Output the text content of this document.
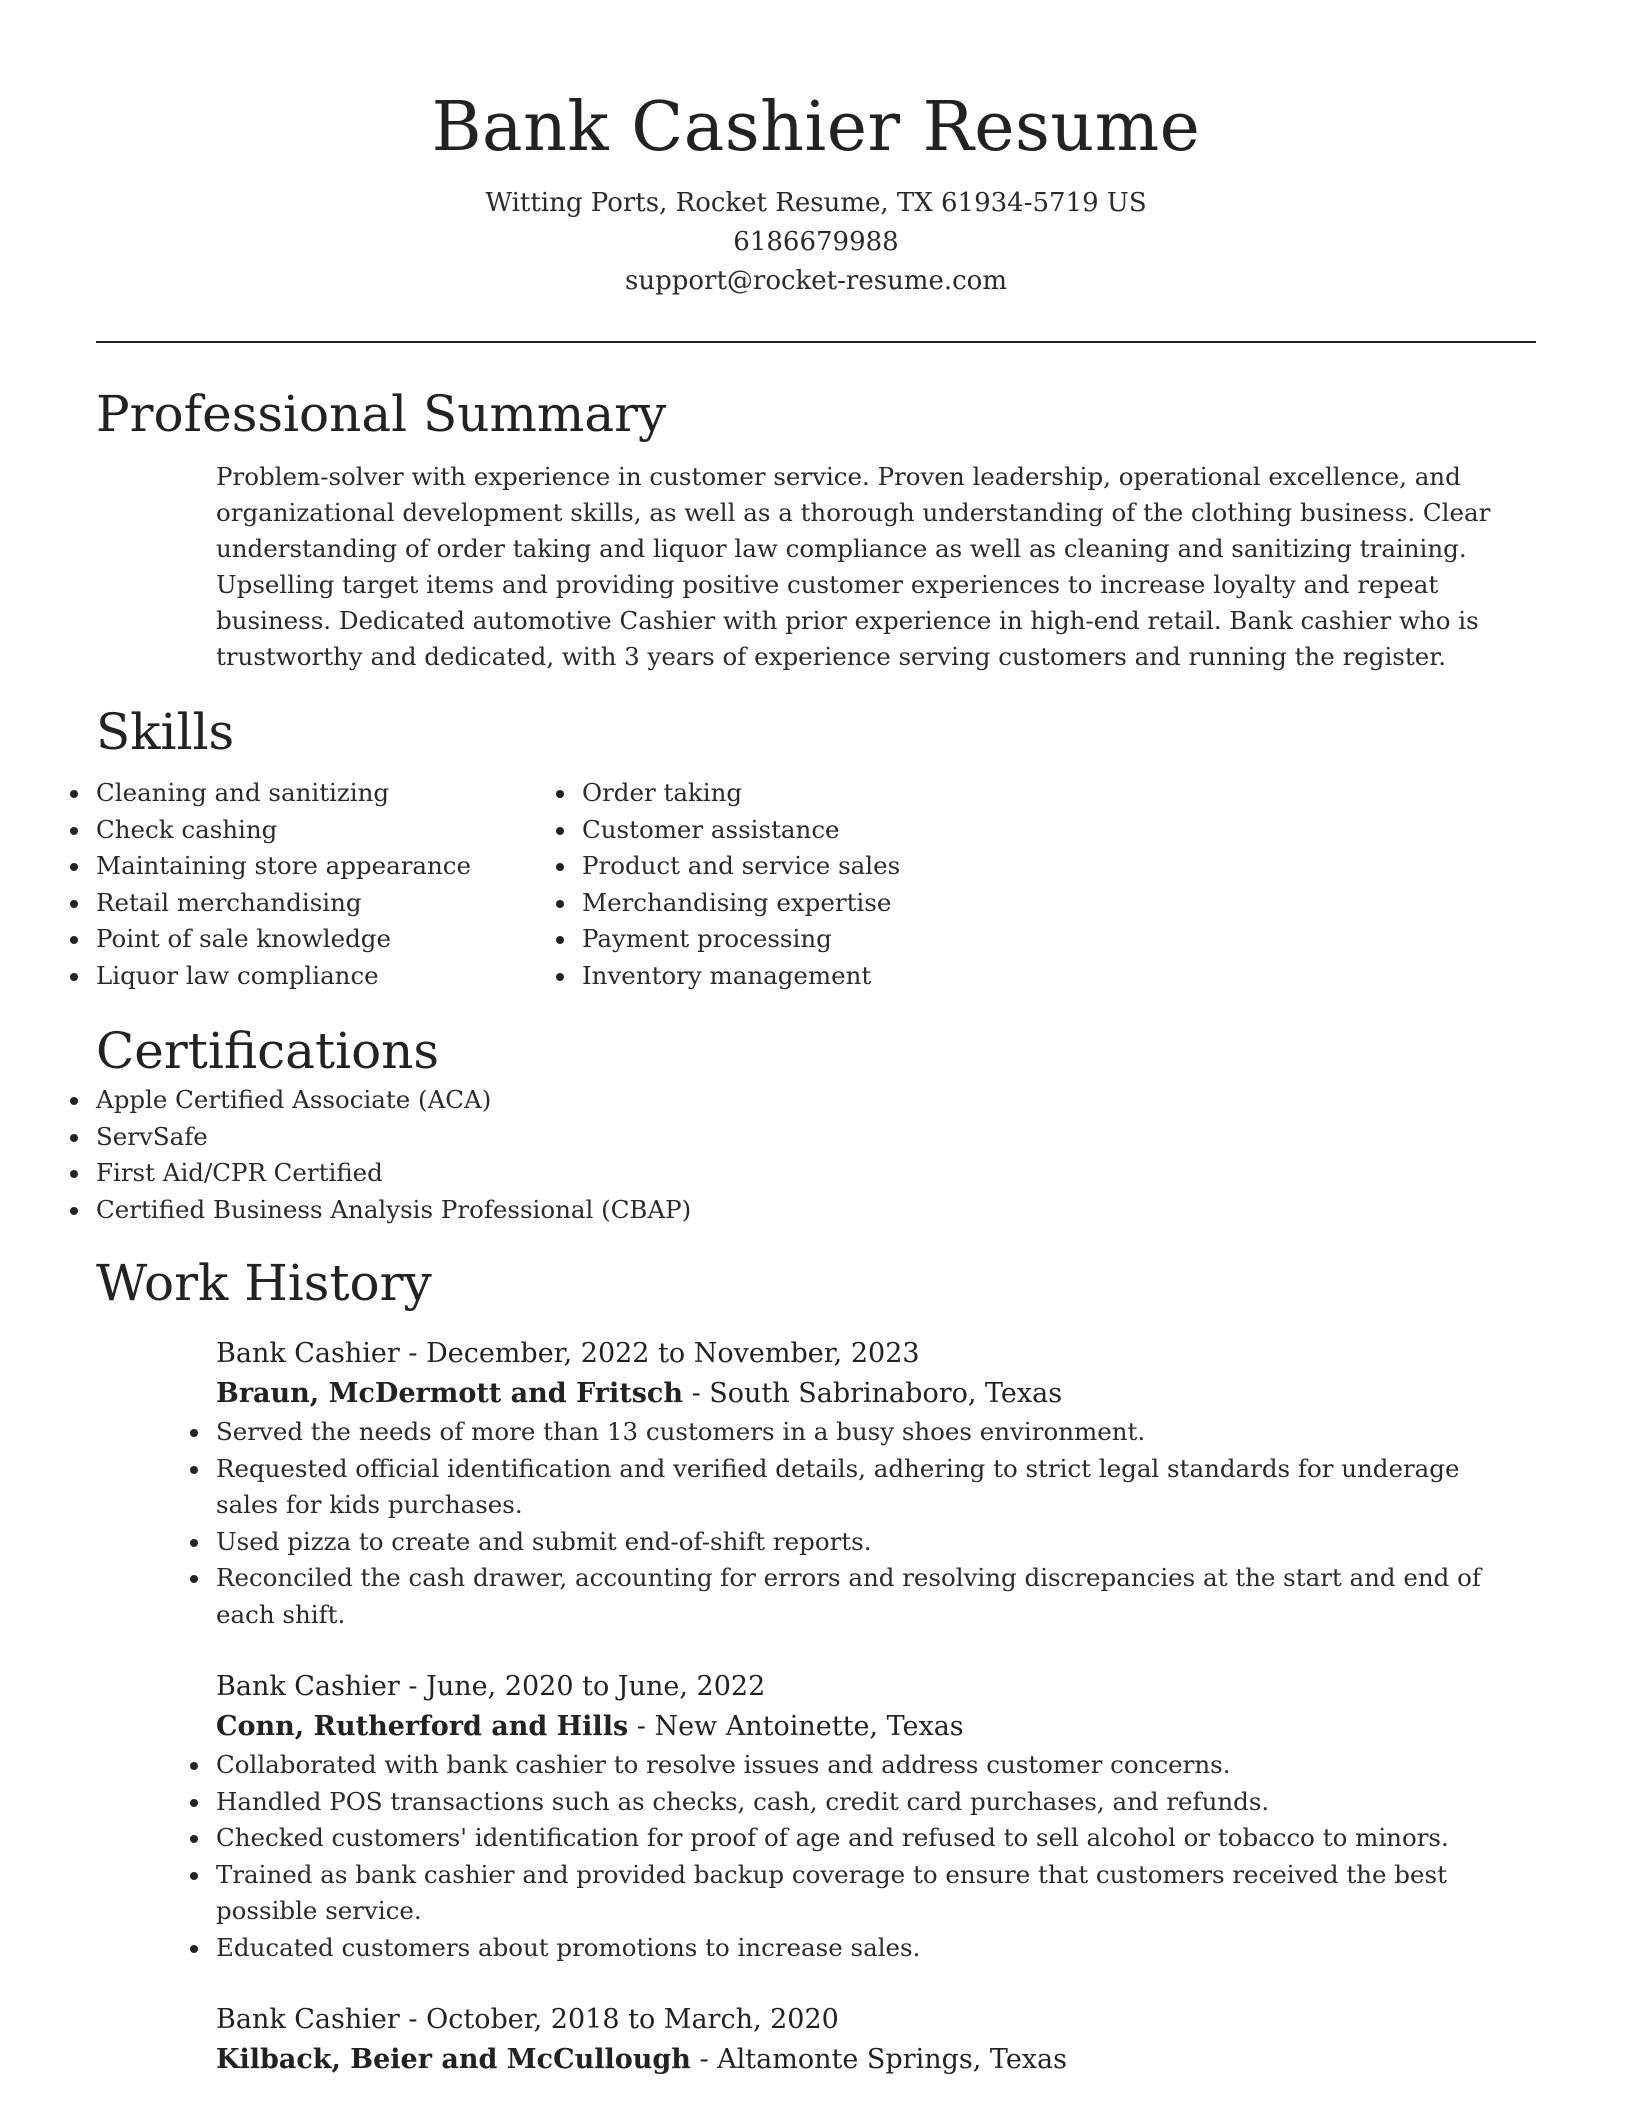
Bank Cashier Resume
Witting Ports, Rocket Resume, TX 61934-5719 US
6186679988
support@rocket-resume.com
Professional Summary

Problem-solver with experience in customer service. Proven leadership, operational excellence, and organizational development skills, as well as a thorough understanding of the clothing business. Clear understanding of order taking and liquor law compliance as well as cleaning and sanitizing training. Upselling target items and providing positive customer experiences to increase loyalty and repeat business. Dedicated automotive Cashier with prior experience in high-end retail. Bank cashier who is trustworthy and dedicated, with 3 years of experience serving customers and running the register.

Skills
Cleaning and sanitizing
Check cashing
Maintaining store appearance
Retail merchandising
Point of sale knowledge
Liquor law compliance
Order taking
Customer assistance
Product and service sales
Merchandising expertise
Payment processing
Inventory management
Certifications
Apple Certified Associate (ACA)
ServSafe
First Aid/CPR Certified
Certified Business Analysis Professional (CBAP)
Work History
Bank Cashier - December, 2022 to November, 2023
Braun, McDermott and Fritsch - South Sabrinaboro, Texas
Served the needs of more than 13 customers in a busy shoes environment.
Requested official identification and verified details, adhering to strict legal standards for underage sales for kids purchases.
Used pizza to create and submit end-of-shift reports.
Reconciled the cash drawer, accounting for errors and resolving discrepancies at the start and end of each shift.
Bank Cashier - June, 2020 to June, 2022
Conn, Rutherford and Hills - New Antoinette, Texas
Collaborated with bank cashier to resolve issues and address customer concerns.
Handled POS transactions such as checks, cash, credit card purchases, and refunds.
Checked customers' identification for proof of age and refused to sell alcohol or tobacco to minors.
Trained as bank cashier and provided backup coverage to ensure that customers received the best possible service.
Educated customers about promotions to increase sales.
Bank Cashier - October, 2018 to March, 2020
Kilback, Beier and McCullough - Altamonte Springs, Texas
